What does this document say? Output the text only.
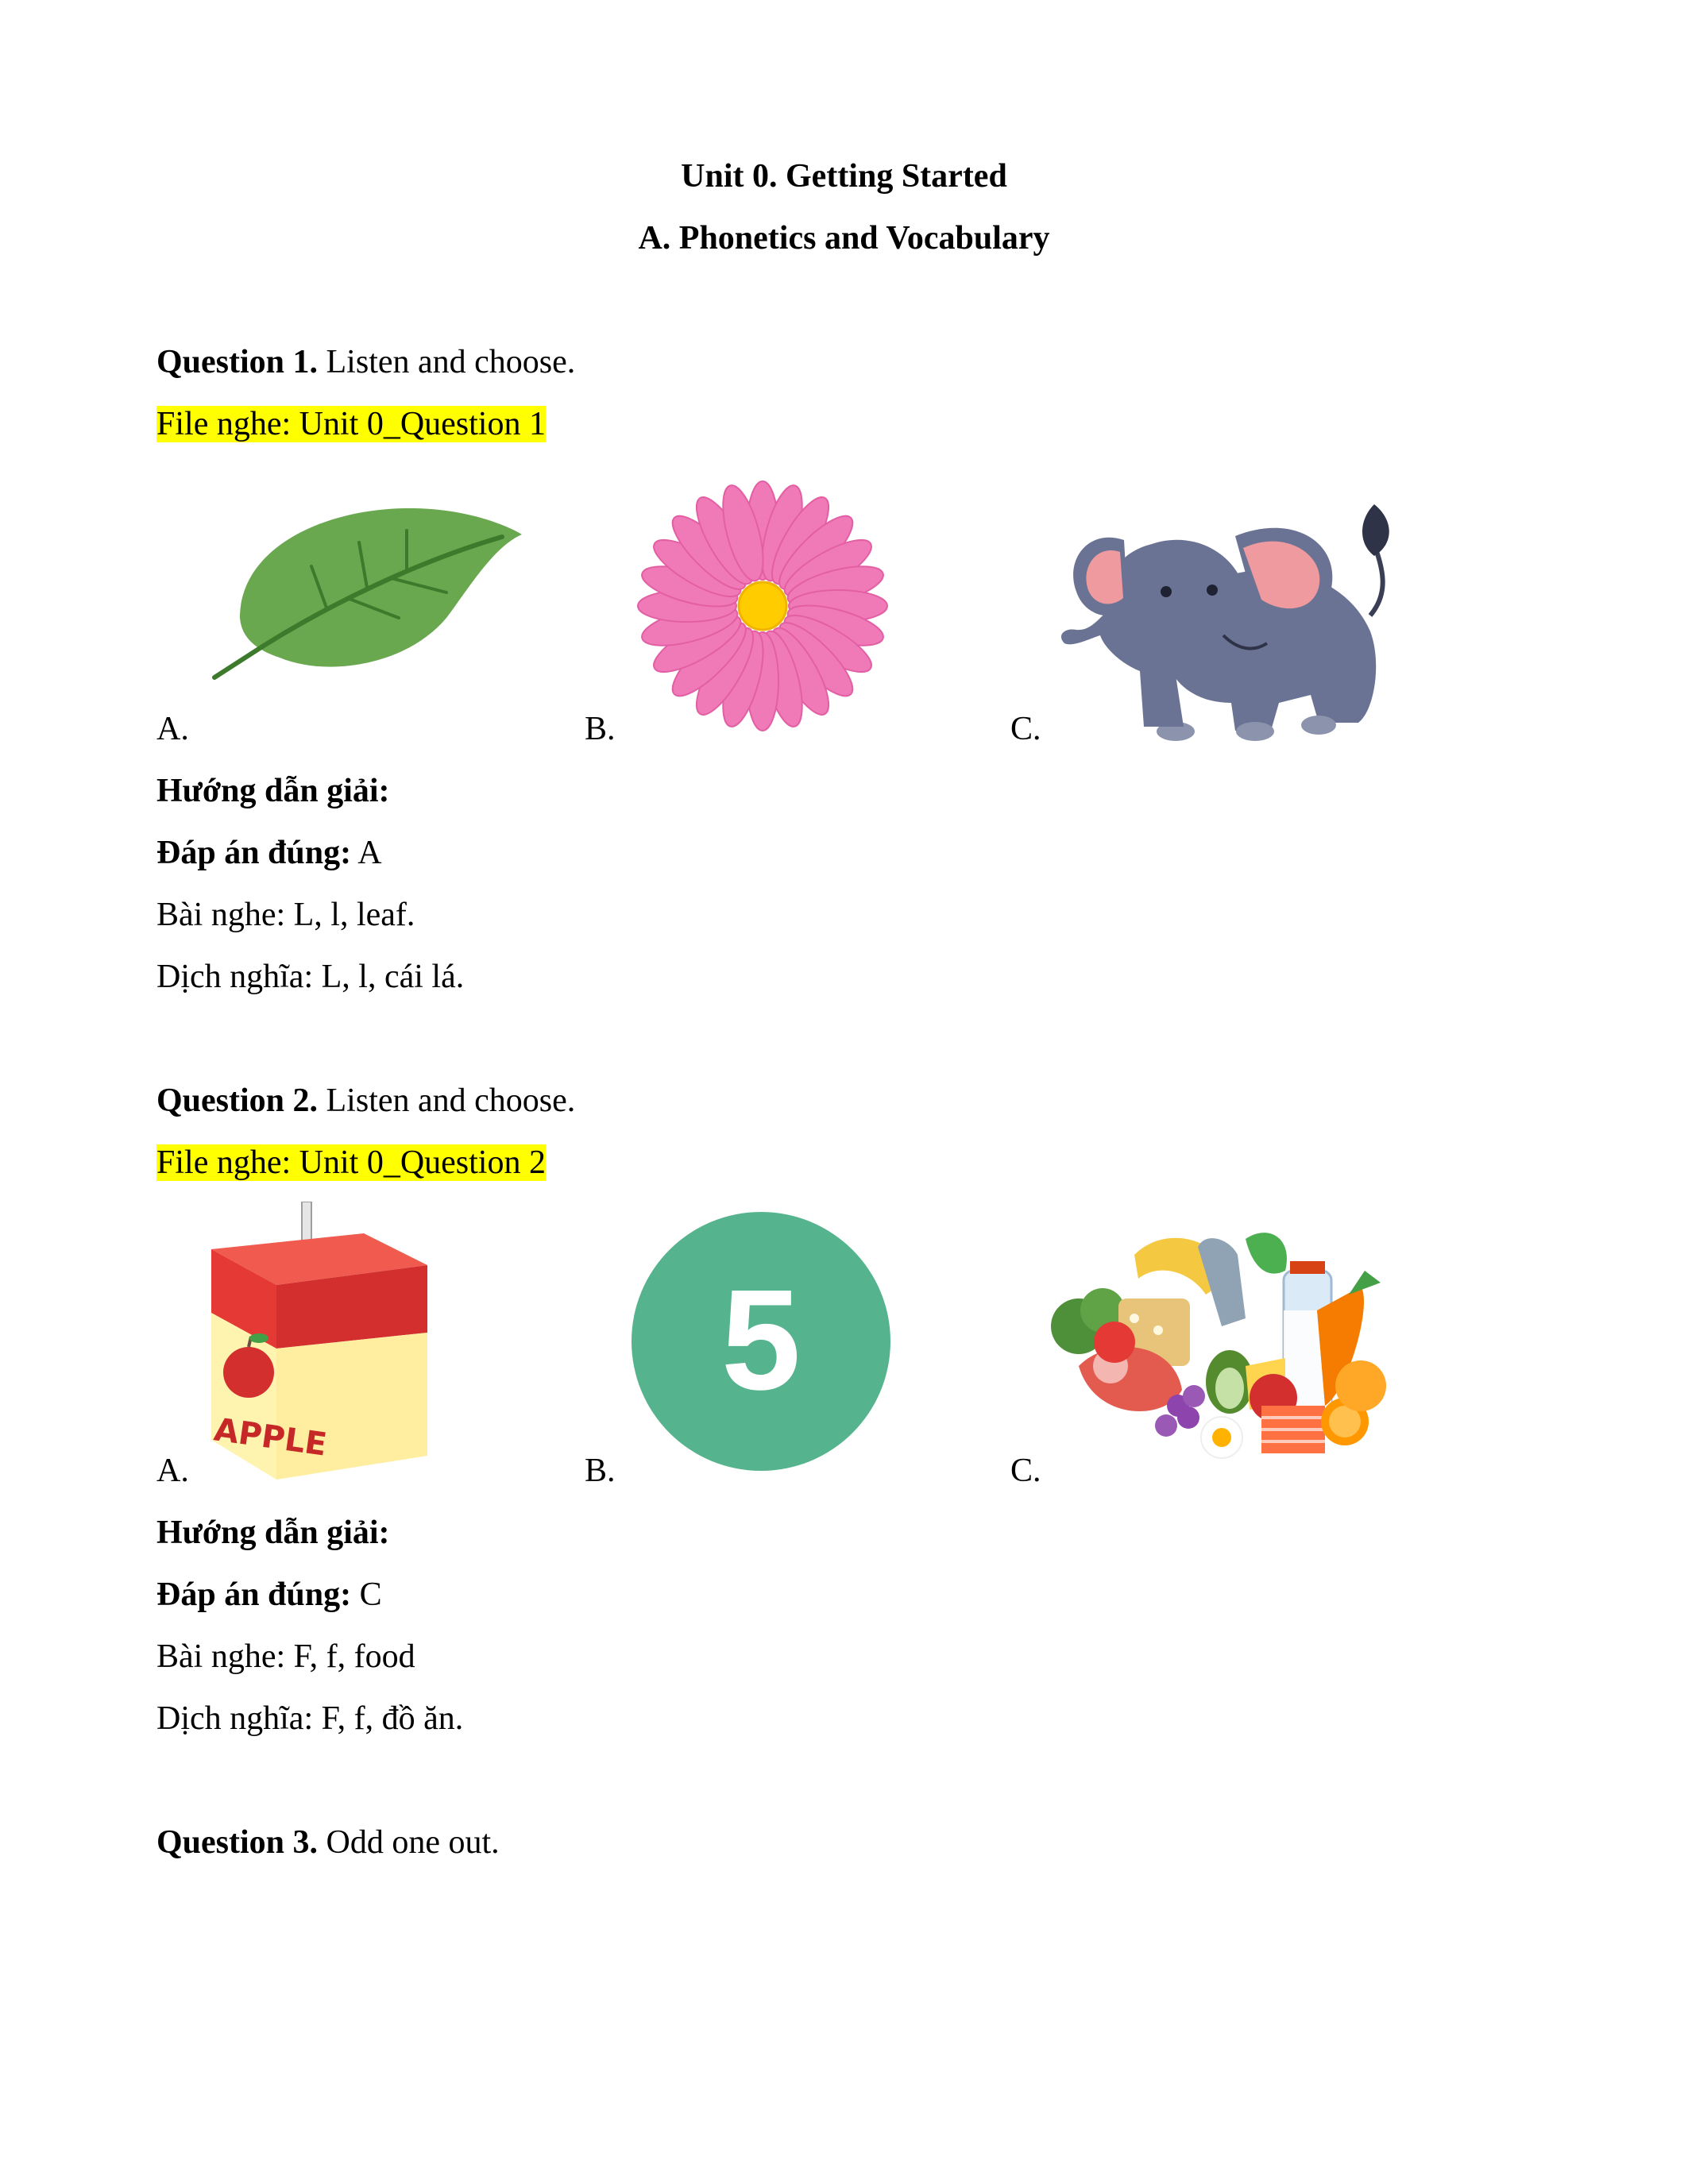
Unit 0. Getting Started
A. Phonetics and Vocabulary
Question 1. Listen and choose.
File nghe: Unit 0_Question 1
A.	B.	C.
Hướng dẫn giải:
Đáp án đúng: A
Bài nghe: L, l, leaf.
Dịch nghĩa: L, l, cái lá.
Question 2. Listen and choose.
File nghe: Unit 0_Question 2
APPLE
A.
5
B.	C.
Hướng dẫn giải:
Đáp án đúng: C
Bài nghe: F, f, food
Dịch nghĩa: F, f, đồ ăn.
Question 3. Odd one out.
